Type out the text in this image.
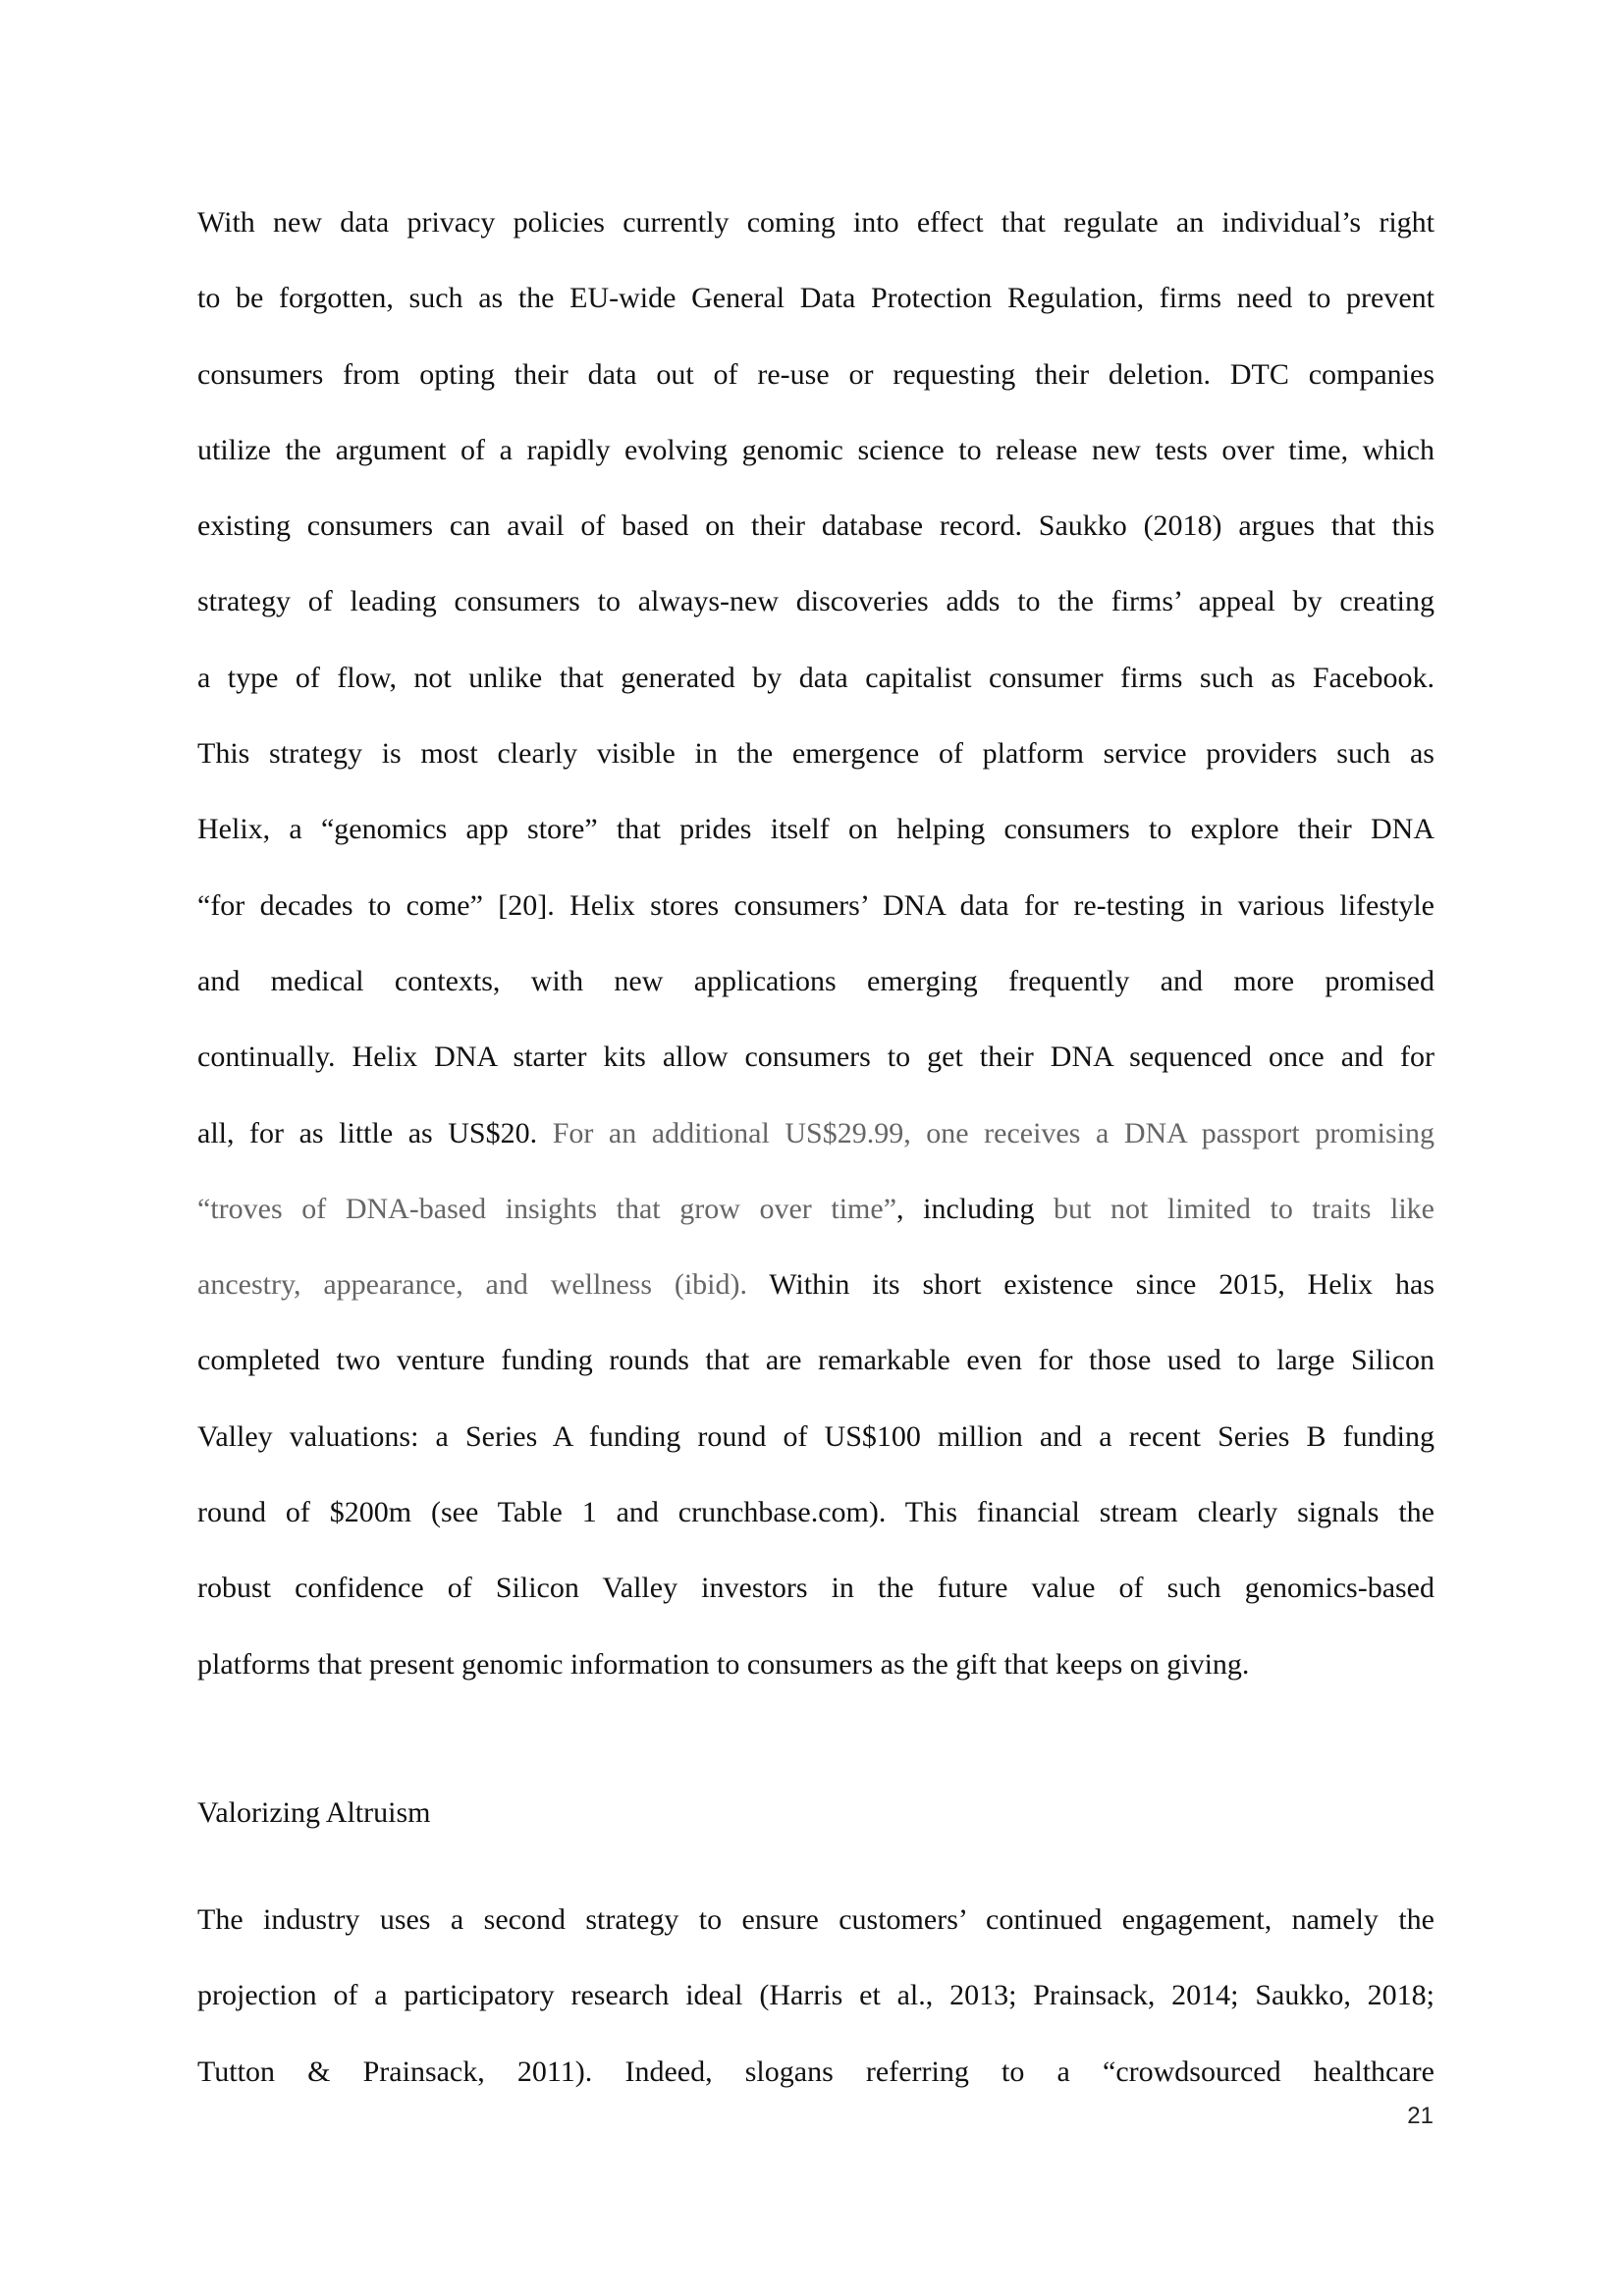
With new data privacy policies currently coming into effect that regulate an individual’s right
to be forgotten, such as the EU-wide General Data Protection Regulation, firms need to prevent
consumers from opting their data out of re-use or requesting their deletion. DTC companies
utilize the argument of a rapidly evolving genomic science to release new tests over time, which
existing consumers can avail of based on their database record. Saukko (2018) argues that this
strategy of leading consumers to always-new discoveries adds to the firms’ appeal by creating
a type of flow, not unlike that generated by data capitalist consumer firms such as Facebook.
This strategy is most clearly visible in the emergence of platform service providers such as
Helix, a “genomics app store” that prides itself on helping consumers to explore their DNA
“for decades to come” [20]. Helix stores consumers’ DNA data for re-testing in various lifestyle
and medical contexts, with new applications emerging frequently and more promised
continually. Helix DNA starter kits allow consumers to get their DNA sequenced once and for
all, for as little as US$20. For an additional US$29.99, one receives a DNA passport promising
“troves of DNA-based insights that grow over time”, including but not limited to traits like
ancestry, appearance, and wellness (ibid). Within its short existence since 2015, Helix has
completed two venture funding rounds that are remarkable even for those used to large Silicon
Valley valuations: a Series A funding round of US$100 million and a recent Series B funding
round of $200m (see Table 1 and crunchbase.com). This financial stream clearly signals the
robust confidence of Silicon Valley investors in the future value of such genomics-based
platforms that present genomic information to consumers as the gift that keeps on giving.
Valorizing Altruism
The industry uses a second strategy to ensure customers’ continued engagement, namely the
projection of a participatory research ideal (Harris et al., 2013; Prainsack, 2014; Saukko, 2018;
Tutton & Prainsack, 2011). Indeed, slogans referring to a “crowdsourced healthcare
21
